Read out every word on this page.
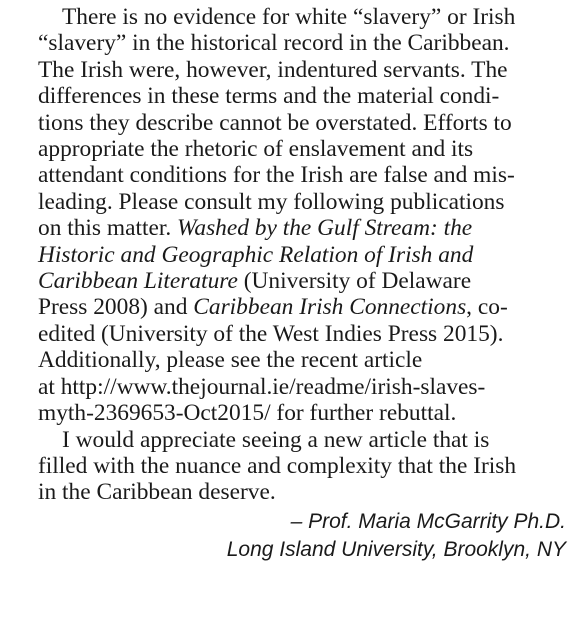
There is no evidence for white “slavery” or Irish
“slavery” in the historical record in the Caribbean.
The Irish were, however, indentured servants. The
differences in these terms and the material condi-
tions they describe cannot be overstated. Efforts to
appropriate the rhetoric of enslavement and its
attendant conditions for the Irish are false and mis-
leading. Please consult my following publications
on this matter. Washed by the Gulf Stream: the
Historic and Geographic Relation of Irish and
Caribbean Literature (University of Delaware
Press 2008) and Caribbean Irish Connections, co-
edited (University of the West Indies Press 2015).
Additionally, please see the recent article
at http://www.thejournal.ie/readme/irish-slaves-
myth-2369653-Oct2015/ for further rebuttal.
I would appreciate seeing a new article that is
filled with the nuance and complexity that the Irish
in the Caribbean deserve.
– Prof. Maria McGarrity Ph.D.
Long Island University, Brooklyn, NY
